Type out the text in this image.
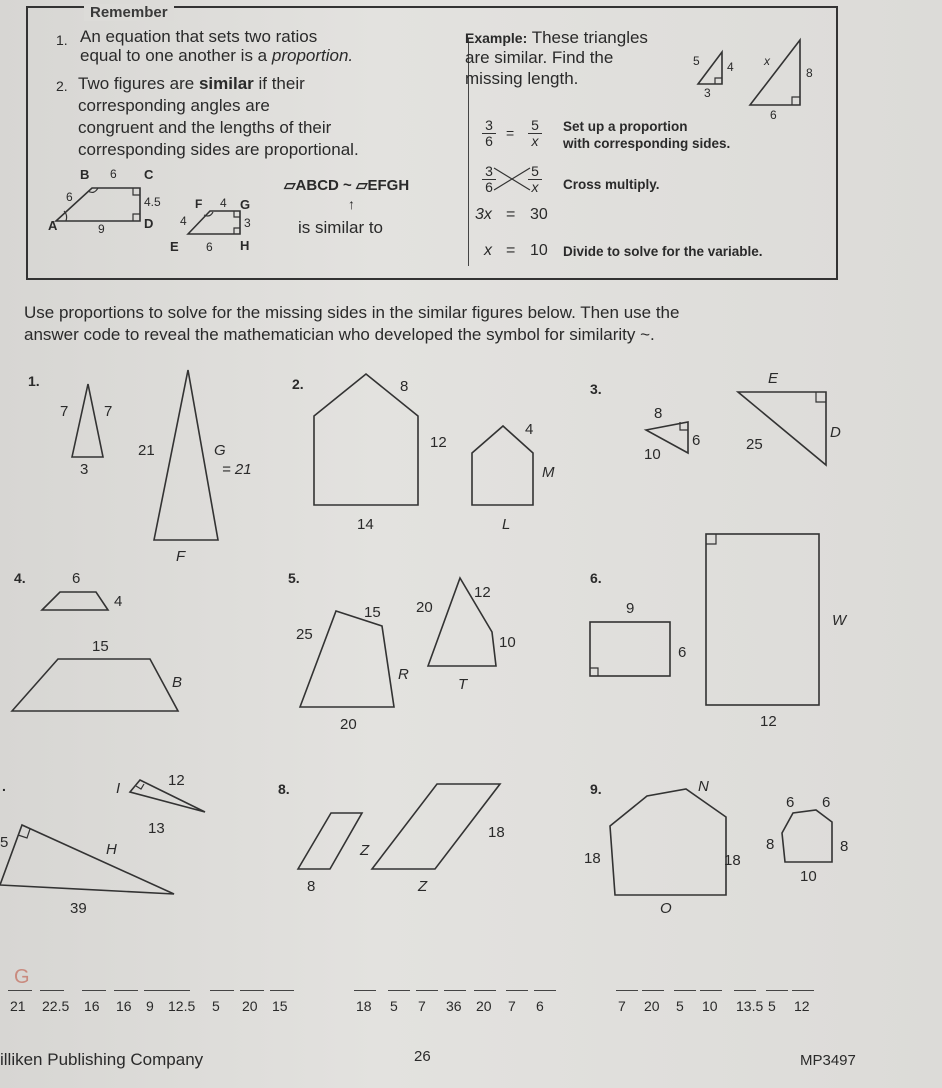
Remember
1. An equation that sets two ratios
equal to one another is a proportion.
2. Two figures are similar if their
corresponding angles are
congruent and the lengths of their
corresponding sides are proportional.
Example: These triangles
are similar. Find the
missing length.
$\frac{3}{6} = \frac{5}{x}$ Set up a proportion
with corresponding sides.
$\frac{3}{6} \frac{5}{x}$ Cross multiply.
3x = 30
x = 10 Divide to solve for the variable.
▱ABCD ~ ▱EFGH
↑
is similar to
B 6 C
6	4.5
A	9	D
F 4 G
4	3
E 6 H
5 4
3
x
8
6
Use proportions to solve for the missing sides in the similar figures below. Then use the
answer code to reveal the mathematician who developed the symbol for similarity ~.
1.
7 7
3
21	G
= 21
F
2.	8
12
14
4
M
L
3.
8
6
10
E
25
D
4.	6
4
15
B
5.
15
25
20
20
12
10
R
T
6.
9
6
W
12
.	I	12
13
H
39
5
8.
18
Z
8	Z
9.	N
18	18
O
6 6
8	8
10
G
21 22.5 16 16 9 12.5 5 20 15	18 5 7 36 20 7 6	7 20 5 10 13.5 5 12
illiken Publishing Company	26	MP3497
